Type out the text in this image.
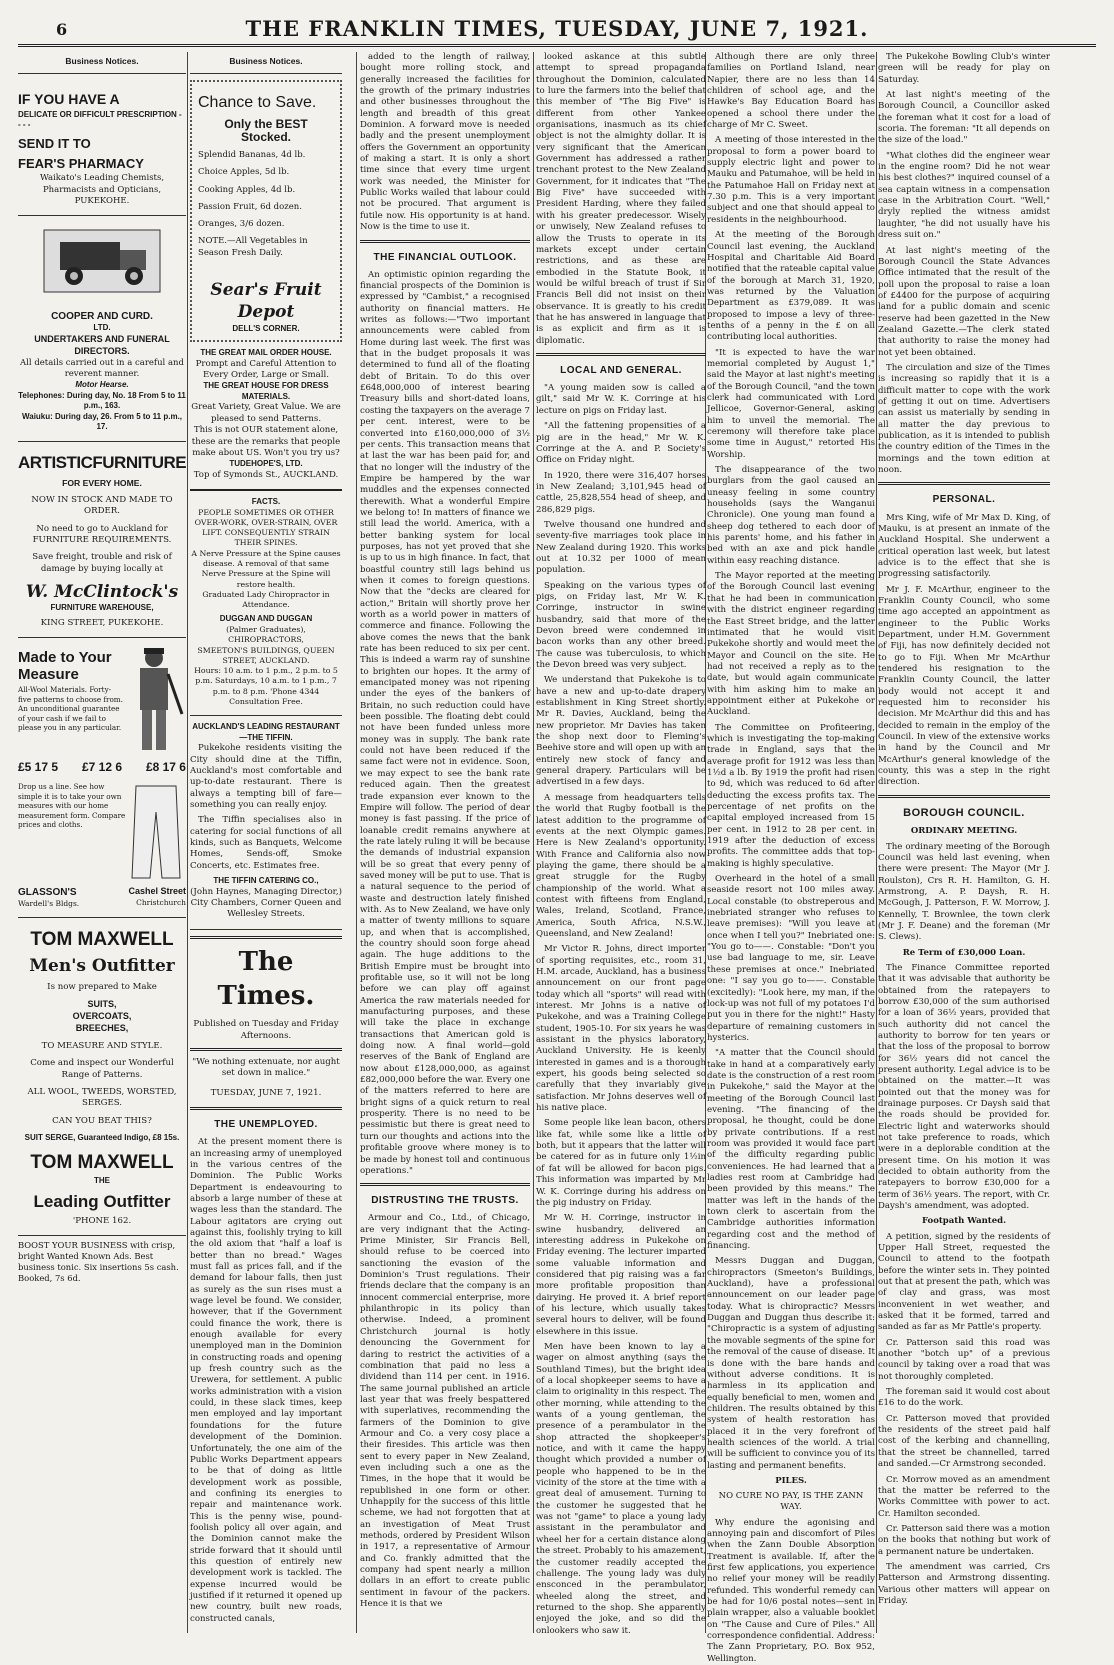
6	THE FRANKLIN TIMES, TUESDAY, JUNE 7, 1921.
Business Notices.
IF YOU HAVE A
DELICATE OR DIFFICULT PRESCRIPTION - - - -
SEND IT TO
FEAR'S PHARMACY
Waikato's Leading Chemists, Pharmacists and Opticians, PUKEKOHE.
COOPER AND CURD.
LTD.
UNDERTAKERS AND FUNERAL DIRECTORS.
All details carried out in a careful and reverent manner.
Motor Hearse.
Telephones: During day, No. 18 From 5 to 11 p.m., 163.
Waiuku: During day, 26. From 5 to 11 p.m., 17.
ARTISTICFURNITURE
FOR EVERY HOME.
NOW IN STOCK AND MADE TO ORDER.
No need to go to Auckland for FURNITURE REQUIREMENTS.
Save freight, trouble and risk of damage by buying locally at
W. McClintock's
FURNITURE WAREHOUSE,
KING STREET, PUKEKOHE.
Made to Your Measure
All-Wool Materials. Forty-five patterns to choose from. An unconditional guarantee of your cash if we fail to please you in any particular.
£5 17 5 £7 12 6 £8 17 6
Drop us a line. See how simple it is to take your own measures with our home measurement form. Compare prices and cloths.
GLASSON'S
Wardell's Bldgs.
Cashel Street
Christchurch
TOM MAXWELL
Men's Outfitter
Is now prepared to Make
SUITS,
OVERCOATS,
BREECHES,
TO MEASURE AND STYLE.
Come and inspect our Wonderful Range of Patterns.
ALL WOOL, TWEEDS, WORSTED, SERGES.
CAN YOU BEAT THIS?
SUIT SERGE, Guaranteed Indigo, £8 15s.
TOM MAXWELL
THE
Leading Outfitter
'PHONE 162.
BOOST YOUR BUSINESS with crisp, bright Wanted Known Ads. Best business tonic. Six insertions 5s cash. Booked, 7s 6d.
Business Notices.
Chance to Save.
Only the BEST Stocked.
Splendid Bananas, 4d lb.
Choice Apples, 5d lb.
Cooking Apples, 4d lb.
Passion Fruit, 6d dozen.
Oranges, 3/6 dozen.
NOTE.—All Vegetables in Season Fresh Daily.
Sear's Fruit Depot
DELL'S CORNER.
THE GREAT MAIL ORDER HOUSE.
Prompt and Careful Attention to Every Order, Large or Small.
THE GREAT HOUSE FOR DRESS MATERIALS.
Great Variety, Great Value. We are pleased to send Patterns.
This is not OUR statement alone, these are the remarks that people make about US. Won't you try us?
TUDEHOPE'S, LTD.
Top of Symonds St., AUCKLAND.
FACTS.
PEOPLE SOMETIMES OR OTHER OVER-WORK, OVER-STRAIN, OVER LIFT. CONSEQUENTLY STRAIN THEIR SPINES.
A Nerve Pressure at the Spine causes disease. A removal of that same Nerve Pressure at the Spine will restore health.
Graduated Lady Chiropractor in Attendance.
DUGGAN AND DUGGAN
(Palmer Graduates), CHIROPRACTORS,
SMEETON'S BUILDINGS, QUEEN STREET, AUCKLAND.
Hours: 10 a.m. to 1 p.m., 2 p.m. to 5 p.m. Saturdays, 10 a.m. to 1 p.m., 7 p.m. to 8 p.m. 'Phone 4344 Consultation Free.
AUCKLAND'S LEADING RESTAURANT—THE TIFFIN.

Pukekohe residents visiting the City should dine at the Tiffin, Auckland's most comfortable and up-to-date restaurant. There is always a tempting bill of fare—something you can really enjoy.

The Tiffin specialises also in catering for social functions of all kinds, such as Banquets, Welcome Homes, Sends-off, Smoke Concerts, etc. Estimates free.

THE TIFFIN CATERING CO.,
(John Haynes, Managing Director,) City Chambers, Corner Queen and Wellesley Streets.
The Times.
Published on Tuesday and Friday Afternoons.
"We nothing extenuate, nor aught set down in malice."
TUESDAY, JUNE 7, 1921.
THE UNEMPLOYED.

At the present moment there is an increasing army of unemployed in the various centres of the Dominion. The Public Works Department is endeavouring to absorb a large number of these at wages less than the standard. The Labour agitators are crying out against this, foolishly trying to kill the old axiom that "half a loaf is better than no bread." Wages must fall as prices fall, and if the demand for labour falls, then just as surely as the sun rises must a wage level be found. We consider, however, that if the Government could finance the work, there is enough available for every unemployed man in the Dominion in constructing roads and opening up fresh country such as the Urewera, for settlement. A public works administration with a vision could, in these slack times, keep men employed and lay important foundations for the future development of the Dominion. Unfortunately, the one aim of the Public Works Department appears to be that of doing as little development work as possible, and confining its energies to repair and maintenance work. This is the penny wise, pound-foolish policy all over again, and the Dominion cannot make the stride forward that it should until this question of entirely new development work is tackled. The expense incurred would be justified if it returned it opened up new country, built new roads, constructed canals,

added to the length of railway, bought more rolling stock, and generally increased the facilities for the growth of the primary industries and other businesses throughout the length and breadth of this great Dominion. A forward move is needed badly and the present unemployment offers the Government an opportunity of making a start. It is only a short time since that every time urgent work was needed, the Minister for Public Works wailed that labour could not be procured. That argument is futile now. His opportunity is at hand. Now is the time to use it.

THE FINANCIAL OUTLOOK.

An optimistic opinion regarding the financial prospects of the Dominion is expressed by "Cambist," a recognised authority on financial matters. He writes as follows:—"Two important announcements were cabled from Home during last week. The first was that in the budget proposals it was determined to fund all of the floating debt of Britain. To do this over £648,000,000 of interest bearing Treasury bills and short-dated loans, costing the taxpayers on the average 7 per cent. interest, were to be converted into £160,000,000 of 3½ per cents. This transaction means that at last the war has been paid for, and that no longer will the industry of the Empire be hampered by the war muddles and the expenses connected therewith. What a wonderful Empire we belong to! In matters of finance we still lead the world. America, with a better banking system for local purposes, has not yet proved that she is up to us in high finance. In fact, that boastful country still lags behind us when it comes to foreign questions. Now that the "decks are cleared for action," Britain will shortly prove her worth as a world power in matters of commerce and finance. Following the above comes the news that the bank rate has been reduced to six per cent. This is indeed a warm ray of sunshine to brighten our hopes. It the army of emancipated money was not ripening under the eyes of the bankers of Britain, no such reduction could have been possible. The floating debt could not have been funded unless more money was in supply. The bank rate could not have been reduced if the same fact were not in evidence. Soon, we may expect to see the bank rate reduced again. Then the greatest trade expansion ever known to the Empire will follow. The period of dear money is fast passing. If the price of loanable credit remains anywhere at the rate lately ruling it will be because the demands of industrial expansion will be so great that every penny of saved money will be put to use. That is a natural sequence to the period of waste and destruction lately finished with. As to New Zealand, we have only a matter of twenty millions to square up, and when that is accomplished, the country should soon forge ahead again. The huge additions to the British Empire must be brought into profitable use, so it will not be long before we can play off against America the raw materials needed for manufacturing purposes, and these will take the place in exchange transactions that American gold is doing now. A final world—gold reserves of the Bank of England are now about £128,000,000, as against £82,000,000 before the war. Every one of the matters referred to here are bright signs of a quick return to real prosperity. There is no need to be pessimistic but there is great need to turn our thoughts and actions into the profitable groove where money is to be made by honest toil and continuous operations."

DISTRUSTING THE TRUSTS.

Armour and Co., Ltd., of Chicago, are very indignant that the Acting-Prime Minister, Sir Francis Bell, should refuse to be coerced into sanctioning the evasion of the Dominion's Trust regulations. Their friends declare that the company is an innocent commercial enterprise, more philanthropic in its policy than otherwise. Indeed, a prominent Christchurch journal is hotly denouncing the Government for daring to restrict the activities of a combination that paid no less a dividend than 114 per cent. in 1916. The same journal published an article last year that was freely bespattered with superlatives, recommending the farmers of the Dominion to give Armour and Co. a very cosy place a their firesides. This article was then sent to every paper in New Zealand, even including such a one as the Times, in the hope that it would be republished in one form or other. Unhappily for the success of this little scheme, we had not forgotten that at an investigation of Meat Trust methods, ordered by President Wilson in 1917, a representative of Armour and Co. frankly admitted that the company had spent nearly a million dollars in an effort to create public sentiment in favour of the packers. Hence it is that we

looked askance at this subtle attempt to spread propaganda throughout the Dominion, calculated to lure the farmers into the belief that this member of "The Big Five" is different from other Yankee organisations, inasmuch as its chief object is not the almighty dollar. It is very significant that the American Government has addressed a rather trenchant protest to the New Zealand Government, for it indicates that "The Big Five" have succeeded with President Harding, where they failed with his greater predecessor. Wisely or unwisely, New Zealand refuses to allow the Trusts to operate in its markets except under certain restrictions, and as these are embodied in the Statute Book, it would be wilful breach of trust if Sir Francis Bell did not insist on their observance. It is greatly to his credit that he has answered in language that is as explicit and firm as it is diplomatic.

LOCAL AND GENERAL.

"A young maiden sow is called a gilt," said Mr W. K. Corringe at his lecture on pigs on Friday last.

"All the fattening propensities of a pig are in the head," Mr W. K. Corringe at the A. and P. Society's Office on Friday night.

In 1920, there were 316,407 horses in New Zealand; 3,101,945 head of cattle, 25,828,554 head of sheep, and 286,829 pigs.

Twelve thousand one hundred and seventy-five marriages took place in New Zealand during 1920. This works out at 10.32 per 1000 of mean population.

Speaking on the various types of pigs, on Friday last, Mr W. K. Corringe, instructor in swine husbandry, said that more of the Devon breed were condemned in bacon works than any other breed. The cause was tuberculosis, to which the Devon breed was very subject.

We understand that Pukekohe is to have a new and up-to-date drapery establishment in King Street shortly. Mr R. Davies, Auckland, being the new proprietor. Mr Davies has taken the shop next door to Fleming's Beehive store and will open up with an entirely new stock of fancy and general drapery. Particulars will be advertised in a few days.

A message from headquarters tells the world that Rugby football is the latest addition to the programme of events at the next Olympic games. Here is New Zealand's opportunity. With France and California also now playing the game, there should be a great struggle for the Rugby championship of the world. What a contest with fifteens from England, Wales, Ireland, Scotland, France, America, South Africa, N.S.W., Queensland, and New Zealand!

Mr Victor R. Johns, direct importer of sporting requisites, etc., room 31, H.M. arcade, Auckland, has a business announcement on our front page today which all "sports" will read with interest. Mr Johns is a native of Pukekohe, and was a Training College student, 1905-10. For six years he was assistant in the physics laboratory, Auckland University. He is keenly interested in games and is a thorough expert, his goods being selected so carefully that they invariably give satisfaction. Mr Johns deserves well of his native place.

Some people like lean bacon, others like fat, while some like a little of both, but it appears that the latter will be catered for as in future only 1½in of fat will be allowed for bacon pigs. This information was imparted by Mr W. K. Corringe during his address on the pig industry on Friday.

Mr W. H. Corringe, instructor in swine husbandry, delivered an interesting address in Pukekohe on Friday evening. The lecturer imparted some valuable information and considered that pig raising was a far more profitable proposition than dairying. He proved it. A brief report of his lecture, which usually takes several hours to deliver, will be found elsewhere in this issue.

Men have been known to lay a wager on almost anything (says the Southland Times), but the bright idea of a local shopkeeper seems to have a claim to originality in this respect. The other morning, while attending to the wants of a young gentleman, the presence of a perambulator in the shop attracted the shopkeeper's notice, and with it came the happy thought which provided a number of people who happened to be in the vicinity of the store at the time with a great deal of amusement. Turning to the customer he suggested that he was not "game" to place a young lady assistant in the perambulator and wheel her for a certain distance along the street. Probably to his amazement, the customer readily accepted the challenge. The young lady was duly ensconced in the perambulator, wheeled along the street, and returned to the shop. She apparently enjoyed the joke, and so did the onlookers who saw it.

Although there are only three families on Portland Island, near Napier, there are no less than 14 children of school age, and the Hawke's Bay Education Board has opened a school there under the charge of Mr C. Sweet.

A meeting of those interested in the proposal to form a power board to supply electric light and power to Mauku and Patumahoe, will be held in the Patumahoe Hall on Friday next at 7.30 p.m. This is a very important subject and one that should appeal to residents in the neighbourhood.

At the meeting of the Borough Council last evening, the Auckland Hospital and Charitable Aid Board notified that the rateable capital value of the borough at March 31, 1920, was returned by the Valuation Department as £379,089. It was proposed to impose a levy of three-tenths of a penny in the £ on all contributing local authorities.

"It is expected to have the war memorial completed by August 1," said the Mayor at last night's meeting of the Borough Council, "and the town clerk had communicated with Lord Jellicoe, Governor-General, asking him to unveil the memorial. The ceremony will therefore take place some time in August," retorted His Worship.

The disappearance of the two burglars from the gaol caused an uneasy feeling in some country households (says the Wanganui Chronicle). One young man found a sheep dog tethered to each door of his parents' home, and his father in bed with an axe and pick handle within easy reaching distance.

The Mayor reported at the meeting of the Borough Council last evening that he had been in communication with the district engineer regarding the East Street bridge, and the latter intimated that he would visit Pukekohe shortly and would meet the Mayor and Council on the site. He had not received a reply as to the date, but would again communicate with him asking him to make an appointment either at Pukekohe or Auckland.

The Committee on Profiteering, which is investigating the top-making trade in England, says that the average profit for 1912 was less than 1½d a lb. By 1919 the profit had risen to 9d, which was reduced to 6d after deducting the excess profits tax. The percentage of net profits on the capital employed increased from 15 per cent. in 1912 to 28 per cent. in 1919 after the deduction of excess profits. The committee adds that top-making is highly speculative.

Overheard in the hotel of a small seaside resort not 100 miles away. Local constable (to obstreperous and inebriated stranger who refuses to leave premises): "Will you leave at once when I tell you?" Inebriated one: "You go to——. Constable: "Don't you use bad language to me, sir. Leave these premises at once." Inebriated one: "I say you go to——. Constable (excitedly): "Look here, my man, if the lock-up was not full of my potatoes I'd put you in there for the night!" Hasty departure of remaining customers in hysterics.

"A matter that the Council should take in hand at a comparatively early date is the construction of a rest room in Pukekohe," said the Mayor at the meeting of the Borough Council last evening. "The financing of the proposal, he thought, could be done by private contributions. If a rest room was provided it would face part of the difficulty regarding public conveniences. He had learned that a ladies rest room at Cambridge had been provided by this means." The matter was left in the hands of the town clerk to ascertain from the Cambridge authorities information regarding cost and the method of financing.

Messrs Duggan and Duggan, chiropractors (Smeeton's Buildings, Auckland), have a professional announcement on our leader page today. What is chiropractic? Messrs Duggan and Duggan thus describe it: "Chiropractic is a system of adjusting the movable segments of the spine for the removal of the cause of disease. It is done with the bare hands and without adverse conditions. It is harmless in its application and equally beneficial to men, women and children. The results obtained by this system of health restoration has placed it in the very forefront of health sciences of the world. A trial will be sufficient to convince you of its lasting and permanent benefits.

PILES.
NO CURE NO PAY, IS THE ZANN WAY.

Why endure the agonising and annoying pain and discomfort of Piles when the Zann Double Absorption Treatment is available. If, after the first few applications, you experience no relief your money will be readily refunded. This wonderful remedy can be had for 10/6 postal notes—sent in plain wrapper, also a valuable booklet on "The Cause and Cure of Piles." All correspondence confidential. Address: The Zann Proprietary, P.O. Box 952, Wellington.

The Pukekohe Bowling Club's winter green will be ready for play on Saturday.

At last night's meeting of the Borough Council, a Councillor asked the foreman what it cost for a load of scoria. The foreman: "It all depends on the size of the load."

"What clothes did the engineer wear in the engine room? Did he not wear his best clothes?" inquired counsel of a sea captain witness in a compensation case in the Arbitration Court. "Well," dryly replied the witness amidst laughter, "he did not usually have his dress suit on."

At last night's meeting of the Borough Council the State Advances Office intimated that the result of the poll upon the proposal to raise a loan of £4400 for the purpose of acquiring land for a public domain and scenic reserve had been gazetted in the New Zealand Gazette.—The clerk stated that authority to raise the money had not yet been obtained.

The circulation and size of the Times is increasing so rapidly that it is a difficult matter to cope with the work of getting it out on time. Advertisers can assist us materially by sending in all matter the day previous to publication, as it is intended to publish the country edition of the Times in the mornings and the town edition at noon.

PERSONAL.

Mrs King, wife of Mr Max D. King, of Mauku, is at present an inmate of the Auckland Hospital. She underwent a critical operation last week, but latest advice is to the effect that she is progressing satisfactorily.

Mr J. F. McArthur, engineer to the Franklin County Council, who some time ago accepted an appointment as engineer to the Public Works Department, under H.M. Government of Fiji, has now definitely decided not to go to Fiji. When Mr McArthur tendered his resignation to the Franklin County Council, the latter body would not accept it and requested him to reconsider his decision. Mr McArthur did this and has decided to remain in the employ of the Council. In view of the extensive works in hand by the Council and Mr McArthur's general knowledge of the county, this was a step in the right direction.

BOROUGH COUNCIL.
ORDINARY MEETING.

The ordinary meeting of the Borough Council was held last evening, when there were present: The Mayor (Mr J. Roulston), Crs R. H. Hamilton, G. H. Armstrong, A. P. Daysh, R. H. McGough, J. Patterson, F. W. Morrow, J. Kennelly, T. Brownlee, the town clerk (Mr J. F. Deane) and the foreman (Mr S. Clews).

Re Term of £30,000 Loan.

The Finance Committee reported that it was advisable that authority be obtained from the ratepayers to borrow £30,000 of the sum authorised for a loan of 36½ years, provided that such authority did not cancel the authority to borrow for ten years or that the loss of the proposal to borrow for 36½ years did not cancel the present authority. Legal advice is to be obtained on the matter.—It was pointed out that the money was for drainage purposes. Cr Daysh said that the roads should be provided for. Electric light and waterworks should not take preference to roads, which were in a deplorable condition at the present time. On his motion it was decided to obtain authority from the ratepayers to borrow £30,000 for a term of 36½ years. The report, with Cr. Daysh's amendment, was adopted.

Footpath Wanted.

A petition, signed by the residents of Upper Hall Street, requested the Council to attend to the footpath before the winter sets in. They pointed out that at present the path, which was of clay and grass, was most inconvenient in wet weather, and asked that it be formed, tarred and sanded as far as Mr Pattle's property.

Cr. Patterson said this road was another "botch up" of a previous council by taking over a road that was not thoroughly completed.

The foreman said it would cost about £16 to do the work.

Cr. Patterson moved that provided the residents of the street paid half cost of the kerbing and channelling, that the street be channelled, tarred and sanded.—Cr Armstrong seconded.

Cr. Morrow moved as an amendment that the matter be referred to the Works Committee with power to act. Cr. Hamilton seconded.

Cr. Patterson said there was a motion on the books that nothing but work of a permanent nature be undertaken.

The amendment was carried, Crs Patterson and Armstrong dissenting. Various other matters will appear on Friday.
